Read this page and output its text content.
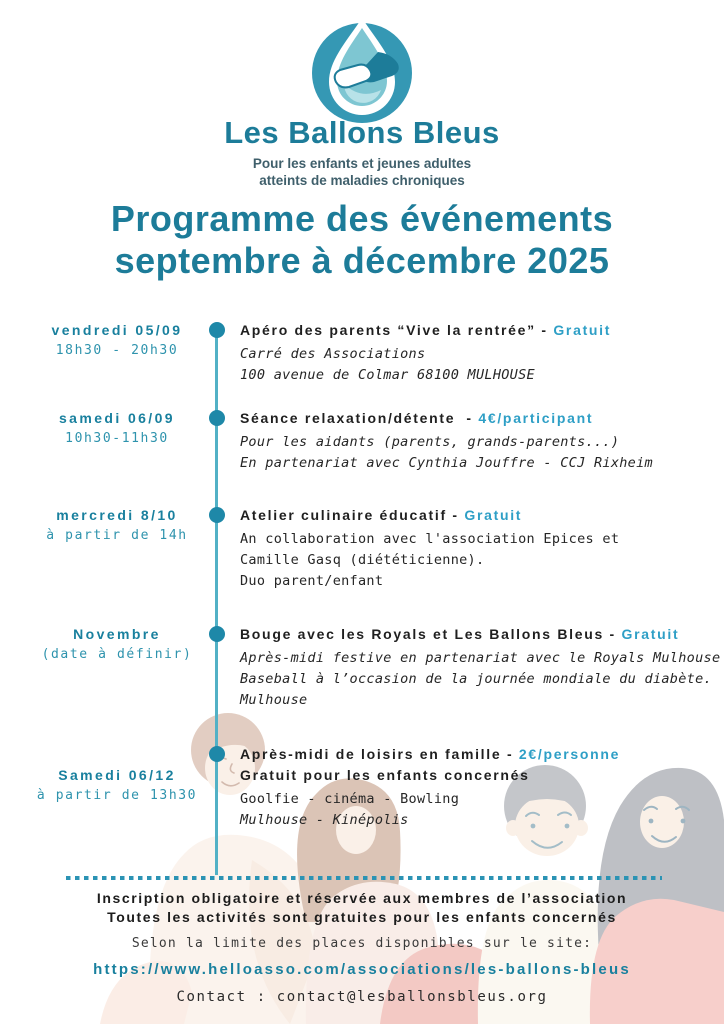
Les Ballons Bleus
Pour les enfants et jeunes adultes
atteints de maladies chroniques
Programme des événements
septembre à décembre 2025
vendredi 05/09
18h30 - 20h30
Apéro des parents “Vive la rentrée” - Gratuit
Carré des Associations
100 avenue de Colmar 68100 MULHOUSE
samedi 06/09
10h30-11h30
Séance relaxation/détente  - 4€/participant
Pour les aidants (parents, grands-parents...)
En partenariat avec Cynthia Jouffre - CCJ Rixheim
mercredi 8/10
à partir de 14h
Atelier culinaire éducatif - Gratuit
An collaboration avec l'association Epices et
Camille Gasq (diététicienne).
Duo parent/enfant
Novembre
(date à définir)
Bouge avec les Royals et Les Ballons Bleus - Gratuit
Après-midi festive en partenariat avec le Royals Mulhouse
Baseball à l’occasion de la journée mondiale du diabète.
Mulhouse
Samedi 06/12
à partir de 13h30
Après-midi de loisirs en famille - 2€/personne
Gratuit pour les enfants concernés
Goolfie - cinéma - Bowling
Mulhouse - Kinépolis
Inscription obligatoire et réservée aux membres de l’association
Toutes les activités sont gratuites pour les enfants concernés
Selon la limite des places disponibles sur le site:
https://www.helloasso.com/associations/les-ballons-bleus
Contact : contact@lesballonsbleus.org
